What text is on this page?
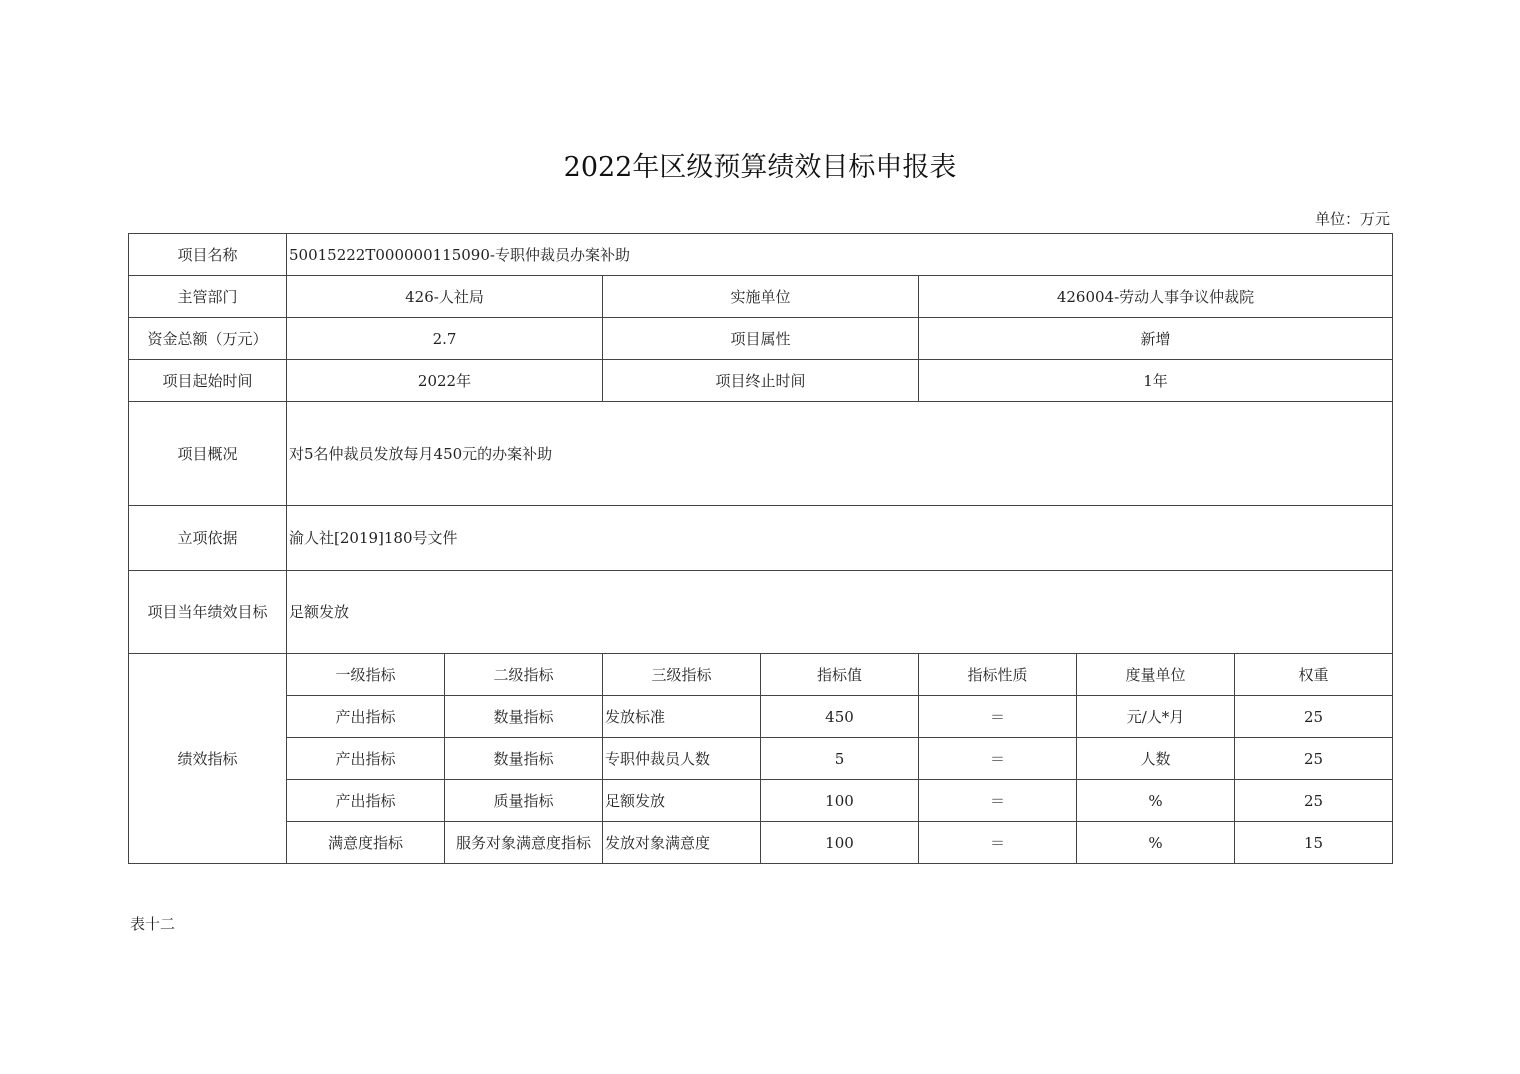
2022年区级预算绩效目标申报表
单位：万元
项目名称	50015222T000000115090-专职仲裁员办案补助						
主管部门	426-人社局		实施单位		426004-劳动人事争议仲裁院		
资金总额（万元）	2.7		项目属性		新增		
项目起始时间	2022年		项目终止时间		1年		
项目概况	对5名仲裁员发放每月450元的办案补助						
立项依据	渝人社[2019]180号文件						
项目当年绩效目标	足额发放						
绩效指标	一级指标	二级指标	三级指标	指标值	指标性质	度量单位	权重
	产出指标	数量指标	发放标准	450	＝	元/人*月	25
	产出指标	数量指标	专职仲裁员人数	5	＝	人数	25
	产出指标	质量指标	足额发放	100	＝	%	25
	满意度指标	服务对象满意度指标	发放对象满意度	100	＝	%	15
表十二
